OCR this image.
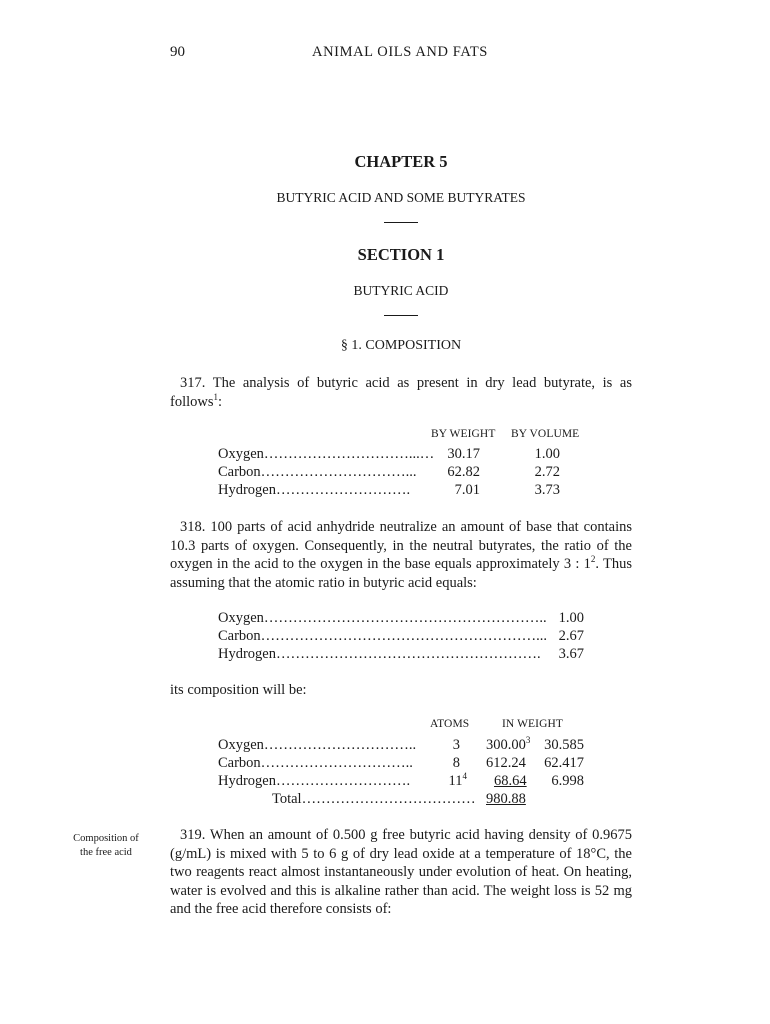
90	ANIMAL OILS AND FATS
CHAPTER 5
BUTYRIC ACID AND SOME BUTYRATES
SECTION 1
BUTYRIC ACID
§ 1. COMPOSITION
317. The analysis of butyric acid as present in dry lead butyrate, is as follows$^1$:
BY WEIGHT BY VOLUME
Oxygen…………………………...… 30.17	1.00
Carbon…………………………...	62.82	2.72
Hydrogen……………………….	7.01	3.73
318. 100 parts of acid anhydride neutralize an amount of base that contains 10.3 parts of oxygen. Consequently, in the neutral butyrates, the ratio of the oxygen in the acid to the oxygen in the base equals approximately 3 : $1^2$. Thus assuming that the atomic ratio in butyric acid equals:
Oxygen………………………………………………….. 1.00
Carbon…………………………………………………... 2.67
Hydrogen……………………………………………….	3.67
its composition will be:
ATOMS	IN WEIGHT
Oxygen…………………………..	3 300.00$^3$ 30.585
Carbon…………………………..	8 612.24	62.417
Hydrogen……………………….	$11^4$	68.64	6.998
Total……………………………… 980.88
Composition of
the free acid
319. When an amount of 0.500 g free butyric acid having density of 0.9675 (g/mL) is mixed with 5 to 6 g of dry lead oxide at a temperature of 18°C, the two reagents react almost instantaneously under evolution of heat. On heating, water is evolved and this is alkaline rather than acid. The weight loss is 52 mg and the free acid therefore consists of:
